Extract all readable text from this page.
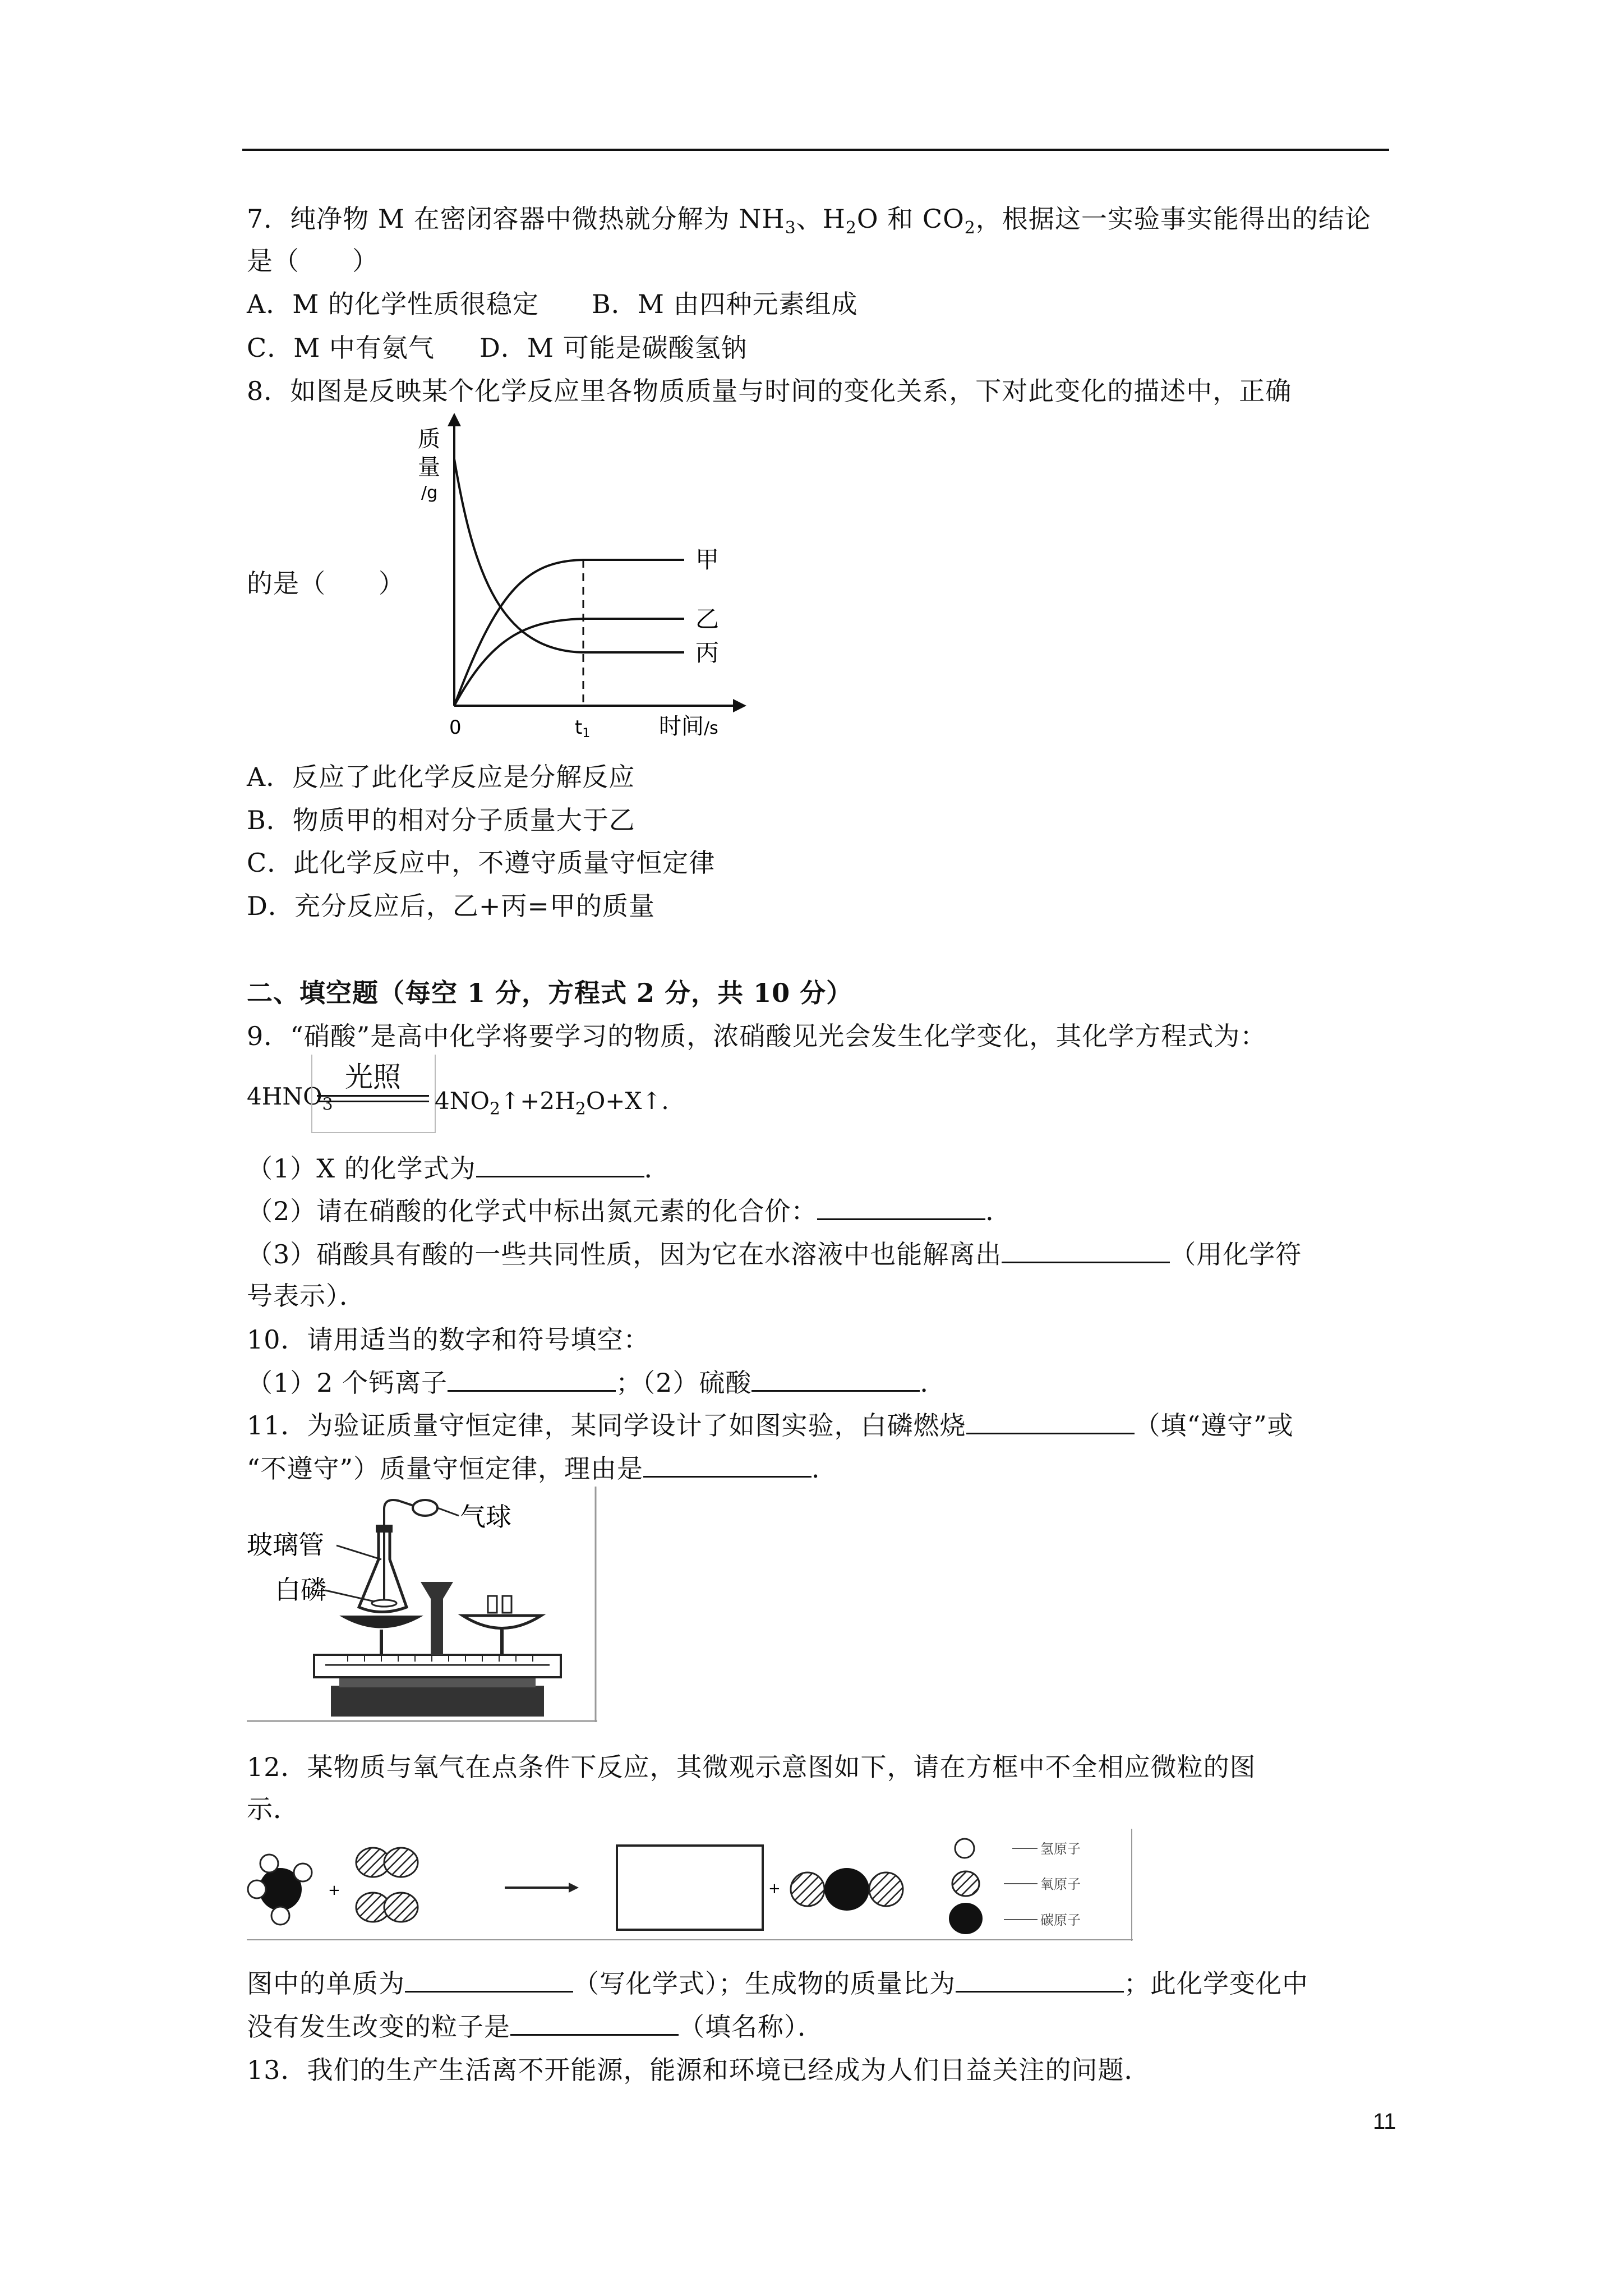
7．纯净物 M 在密闭容器中微热就分解为 $NH_3$、$H_2O$ 和 $CO_2$，根据这一实验事实能得出的结论
是（　　）
A．M 的化学性质很稳定 B．M 由四种元素组成
C．M 中有氨气 D．M 可能是碳酸氢钠
8．如图是反映某个化学反应里各物质质量与时间的变化关系，下对此变化的描述中，正确
的是（　　）
质
量
/g
甲
乙
丙
0	t1	时间/s
A．反应了此化学反应是分解反应
B．物质甲的相对分子质量大于乙
C．此化学反应中，不遵守质量守恒定律
D．充分反应后，乙+丙=甲的质量
二、填空题（每空 1 分，方程式 2 分，共 10 分）
9．“硝酸”是高中化学将要学习的物质，浓硝酸见光会发生化学变化，其化学方程式为：
$4HNO_3$
光照
$4NO_2↑+2H_2O+X↑$．
（1）X 的化学式为	．
（2）请在硝酸的化学式中标出氮元素的化合价：	．
（3）硝酸具有酸的一些共同性质，因为它在水溶液中也能解离出	（用化学符
号表示）．
10．请用适当的数字和符号填空：
（1）2 个钙离子	；（2）硫酸	．
11．为验证质量守恒定律，某同学设计了如图实验，白磷燃烧	（填“遵守”或
“不遵守”）质量守恒定律，理由是	．
气球
玻璃管
白磷
12．某物质与氧气在点条件下反应，其微观示意图如下，请在方框中不全相应微粒的图
示．
+	+
氢原子
氧原子
碳原子
图中的单质为	（写化学式）；生成物的质量比为	；此化学变化中
没有发生改变的粒子是	（填名称）．
13．我们的生产生活离不开能源，能源和环境已经成为人们日益关注的问题．
11
